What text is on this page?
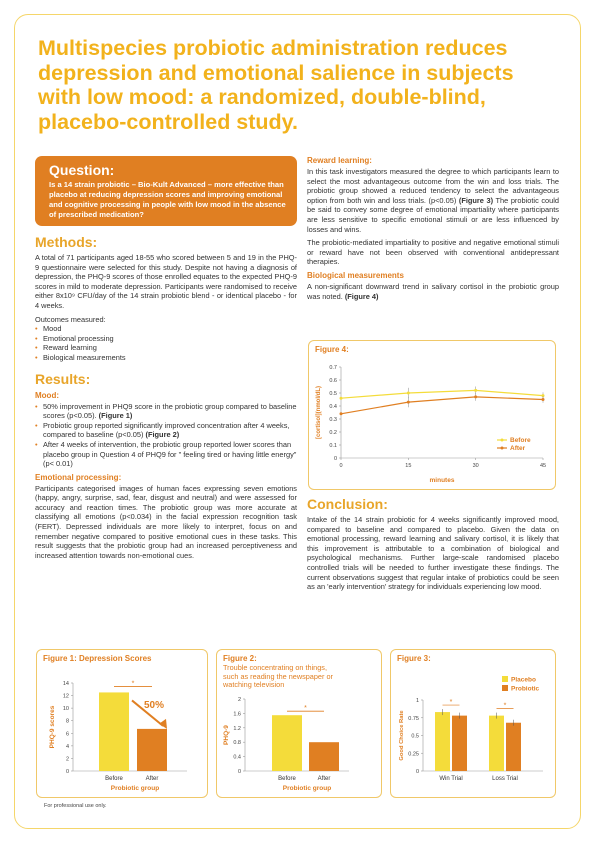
Multispecies probiotic administration reduces depression and emotional salience in subjects with low mood: a randomized, double-blind, placebo-controlled study.
Question:

Is a 14 strain probiotic – Bio-Kult Advanced – more effective than placebo at reducing depression scores and improving emotional and cognitive processing in people with low mood in the absence of prescribed medication?

Methods:

A total of 71 participants aged 18-55 who scored between 5 and 19 in the PHQ-9 questionnaire were selected for this study. Despite not having a diagnosis of depression, the PHQ-9 scores of those enrolled equates to the expected PHQ-9 scores in mild to moderate depression. Participants were randomised to receive either 8x10⁹ CFU/day of the 14 strain probiotic blend - or identical placebo - for 4 weeks.

Outcomes measured:

• Mood
• Emotional processing
• Reward learning
• Biological measurements
Results:
Mood:
• 50% improvement in PHQ9 score in the probiotic group compared to baseline scores (p<0.05). (Figure 1)
• Probiotic group reported significantly improved concentration after 4 weeks, compared to baseline (p<0.05) (Figure 2)
• After 4 weeks of intervention, the probiotic group reported lower scores than placebo group in Question 4 of PHQ9 for " feeling tired or having little energy" (p< 0.01)
Emotional processing:

Participants categorised images of human faces expressing seven emotions (happy, angry, surprise, sad, fear, disgust and neutral) and were assessed for accuracy and reaction times. The probiotic group was more accurate at classifying all emotions (p<0.034) in the facial expression recognition task (FERT). Depressed individuals are more likely to interpret, focus on and remember negative compared to positive emotional cues in these tasks. This result suggests that the probiotic group had an increased perceptiveness and increased attention towards non-emotional cues.

Reward learning:

In this task investigators measured the degree to which participants learn to select the most advantageous outcome from the win and loss trials. The probiotic group showed a reduced tendency to select the advantageous option from both win and loss trials. (p<0.05) (Figure 3) The probiotic could be said to convey some degree of emotional impartiality where participants are less sensitive to specific emotional stimuli or are less influenced by losses and wins.

The probiotic-mediated impartiality to positive and negative emotional stimuli or reward have not been observed with conventional antidepressant therapies.

Biological measurements

A non-significant downward trend in salivary cortisol in the probiotic group was noted. (Figure 4)

Figure 4:
0
0.1
0.2
0.3
0.4
0.5
0.6
0.7
0	15	30	45
Before
After
minutes
[cortisol](nmol/dL)
Conclusion:

Intake of the 14 strain probiotic for 4 weeks significantly improved mood, compared to baseline and compared to placebo. Given the data on emotional processing, reward learning and salivary cortisol, it is likely that this improvement is attributable to a combination of biological and psychological mechanisms. Further large-scale randomised placebo controlled trials will be needed to further investigate these findings. The current observations suggest that regular intake of probiotics could be seen as an 'early intervention' strategy for individuals experiencing low mood.

Figure 1: Depression Scores
0
2
4
6
8
10
12
14
Before	After
*
50%
Probiotic group
PHQ-9 scores
Figure 2:
Trouble concentrating on things, such as reading the newspaper or watching television
0
0.4
0.8
1.2
1.6
2
Before	After
*
Probiotic group
PHQ-9
Figure 3:
0
0.25
0.5
0.75
1	*
Win Trial
*
Loss Trial
Placebo
Probiotic
Good Choice Rate
For professional use only.
